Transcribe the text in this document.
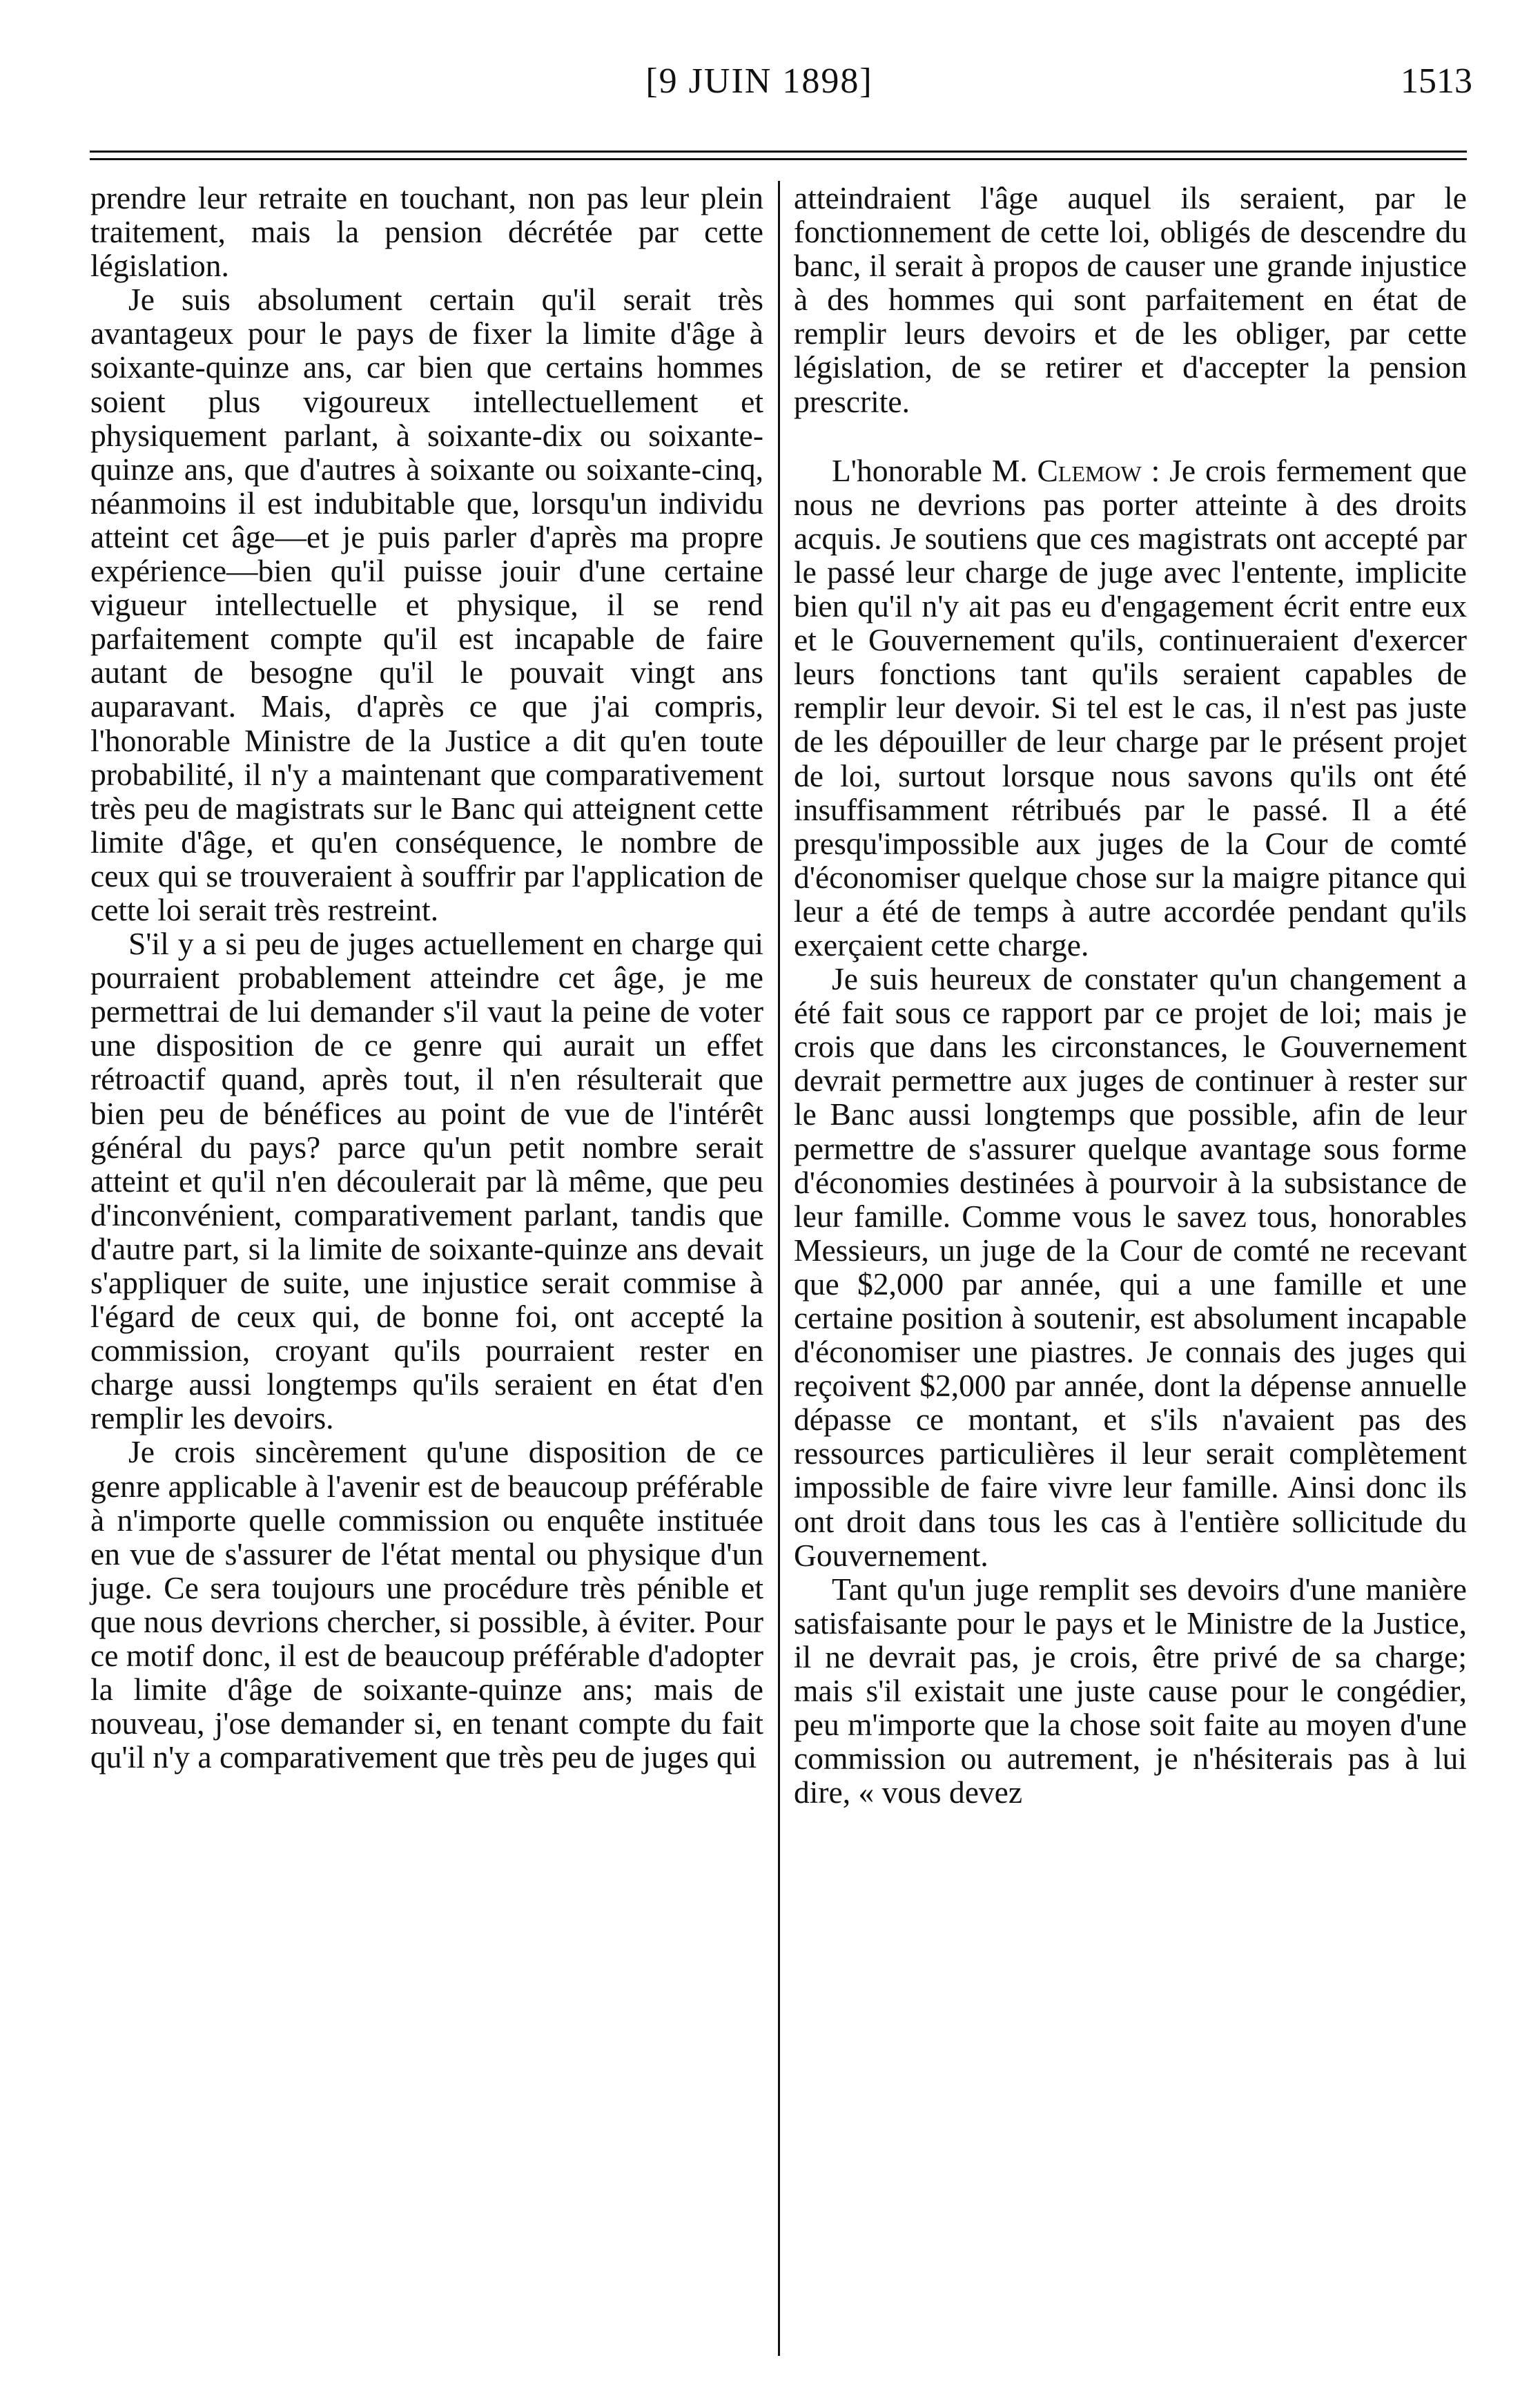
[9 JUIN 1898]	1513

prendre leur retraite en touchant, non pas leur plein traitement, mais la pension décrétée par cette législation.

Je suis absolument certain qu'il serait très avantageux pour le pays de fixer la limite d'âge à soixante-quinze ans, car bien que certains hommes soient plus vigoureux intellectuellement et physiquement parlant, à soixante-dix ou soixante-quinze ans, que d'autres à soixante ou soixante-cinq, néanmoins il est indubitable que, lorsqu'un individu atteint cet âge—et je puis parler d'après ma propre expérience—bien qu'il puisse jouir d'une certaine vigueur intellectuelle et physique, il se rend parfaitement compte qu'il est incapable de faire autant de besogne qu'il le pouvait vingt ans auparavant. Mais, d'après ce que j'ai compris, l'honorable Ministre de la Justice a dit qu'en toute probabilité, il n'y a maintenant que comparativement très peu de magistrats sur le Banc qui atteignent cette limite d'âge, et qu'en conséquence, le nombre de ceux qui se trouveraient à souffrir par l'application de cette loi serait très restreint.

S'il y a si peu de juges actuellement en charge qui pourraient probablement atteindre cet âge, je me permettrai de lui demander s'il vaut la peine de voter une disposition de ce genre qui aurait un effet rétroactif quand, après tout, il n'en résulterait que bien peu de bénéfices au point de vue de l'intérêt général du pays? parce qu'un petit nombre serait atteint et qu'il n'en découlerait par là même, que peu d'inconvénient, comparativement parlant, tandis que d'autre part, si la limite de soixante-quinze ans devait s'appliquer de suite, une injustice serait commise à l'égard de ceux qui, de bonne foi, ont accepté la commission, croyant qu'ils pourraient rester en charge aussi longtemps qu'ils seraient en état d'en remplir les devoirs.

Je crois sincèrement qu'une disposition de ce genre applicable à l'avenir est de beaucoup préférable à n'importe quelle commission ou enquête instituée en vue de s'assurer de l'état mental ou physique d'un juge. Ce sera toujours une procédure très pénible et que nous devrions chercher, si possible, à éviter. Pour ce motif donc, il est de beaucoup préférable d'adopter la limite d'âge de soixante-quinze ans; mais de nouveau, j'ose demander si, en tenant compte du fait qu'il n'y a comparativement que très peu de juges qui

atteindraient l'âge auquel ils seraient, par le fonctionnement de cette loi, obligés de descendre du banc, il serait à propos de causer une grande injustice à des hommes qui sont parfaitement en état de remplir leurs devoirs et de les obliger, par cette législation, de se retirer et d'accepter la pension prescrite.

L'honorable M. Clemow : Je crois fermement que nous ne devrions pas porter atteinte à des droits acquis. Je soutiens que ces magistrats ont accepté par le passé leur charge de juge avec l'entente, implicite bien qu'il n'y ait pas eu d'engagement écrit entre eux et le Gouvernement qu'ils, continueraient d'exercer leurs fonctions tant qu'ils seraient capables de remplir leur devoir. Si tel est le cas, il n'est pas juste de les dépouiller de leur charge par le présent projet de loi, surtout lorsque nous savons qu'ils ont été insuffisamment rétribués par le passé. Il a été presqu'impossible aux juges de la Cour de comté d'économiser quelque chose sur la maigre pitance qui leur a été de temps à autre accordée pendant qu'ils exerçaient cette charge.

Je suis heureux de constater qu'un changement a été fait sous ce rapport par ce projet de loi; mais je crois que dans les circonstances, le Gouvernement devrait permettre aux juges de continuer à rester sur le Banc aussi longtemps que possible, afin de leur permettre de s'assurer quelque avantage sous forme d'économies destinées à pourvoir à la subsistance de leur famille. Comme vous le savez tous, honorables Messieurs, un juge de la Cour de comté ne recevant que $2,000 par année, qui a une famille et une certaine position à soutenir, est absolument incapable d'économiser une piastres. Je connais des juges qui reçoivent $2,000 par année, dont la dépense annuelle dépasse ce montant, et s'ils n'avaient pas des ressources particulières il leur serait complètement impossible de faire vivre leur famille. Ainsi donc ils ont droit dans tous les cas à l'entière sollicitude du Gouvernement.

Tant qu'un juge remplit ses devoirs d'une manière satisfaisante pour le pays et le Ministre de la Justice, il ne devrait pas, je crois, être privé de sa charge; mais s'il existait une juste cause pour le congédier, peu m'importe que la chose soit faite au moyen d'une commission ou autrement, je n'hésiterais pas à lui dire, « vous devez
